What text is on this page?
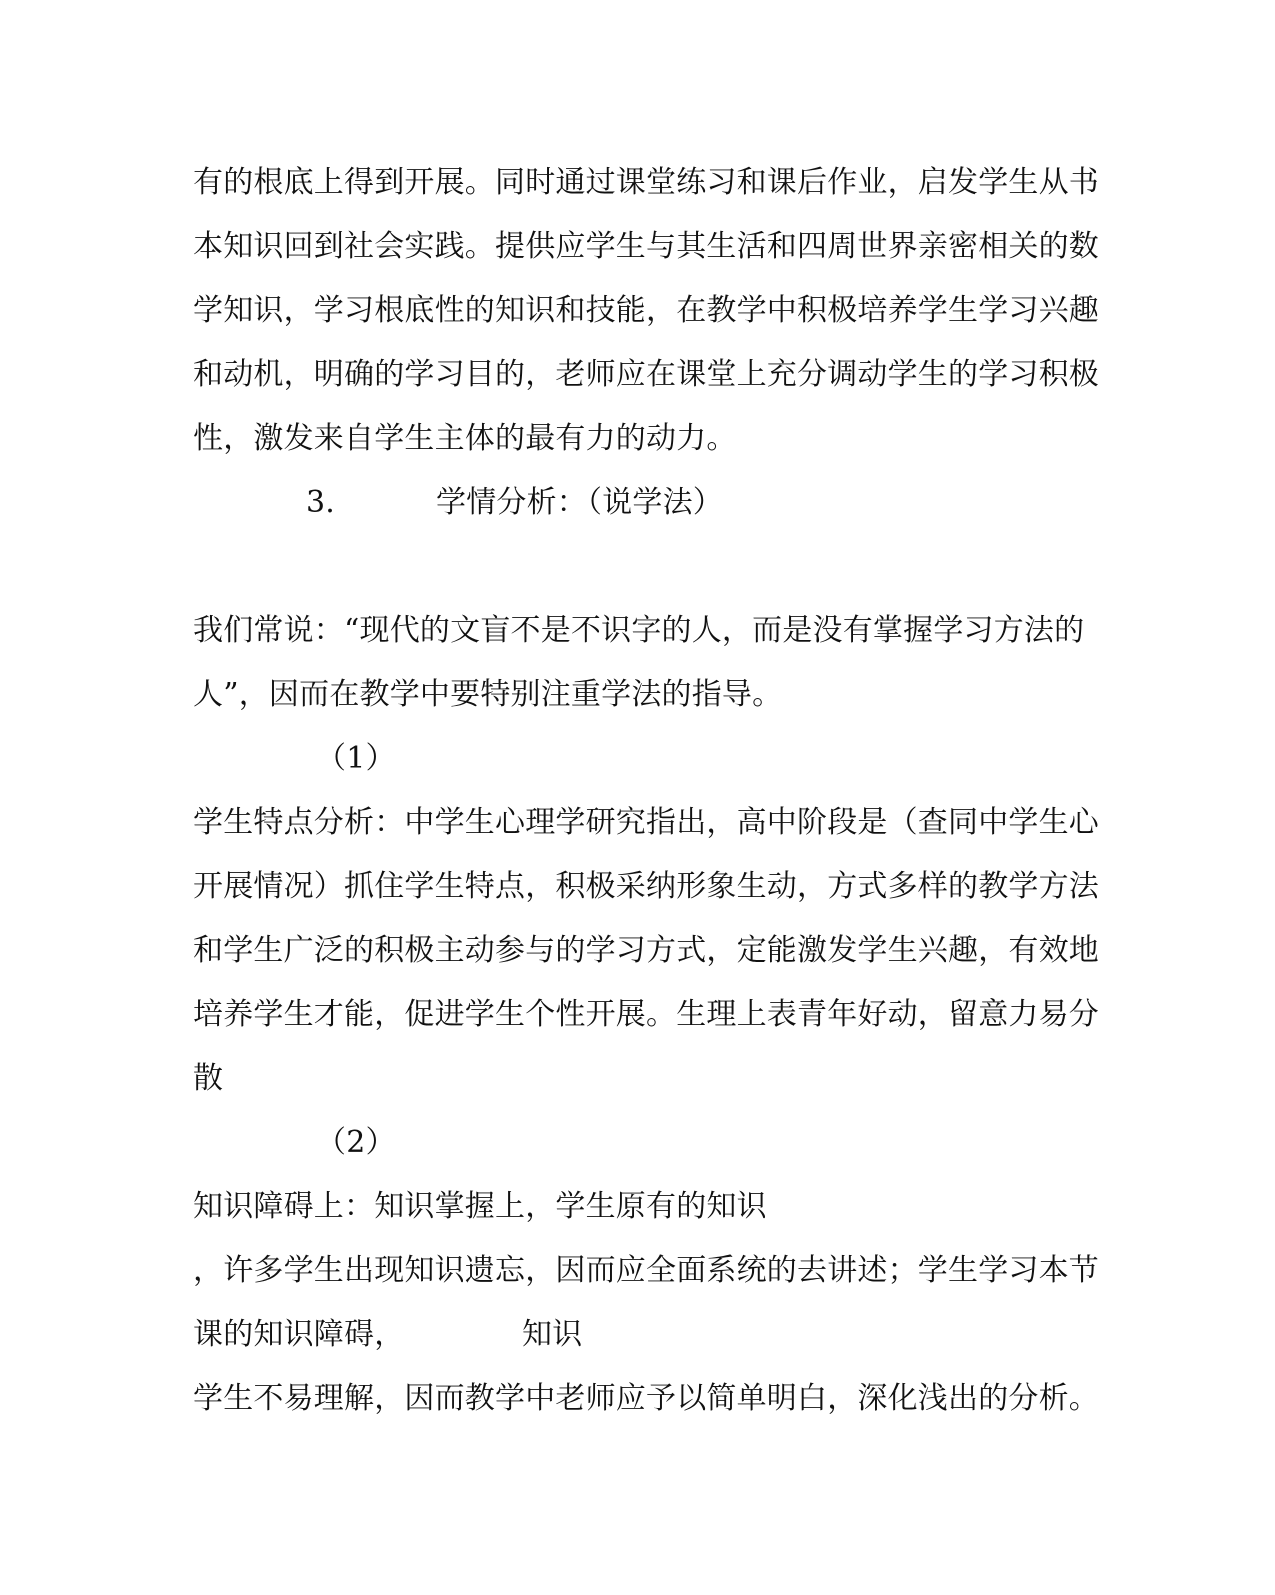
有的根底上得到开展。同时通过课堂练习和课后作业，启发学生从书
本知识回到社会实践。提供应学生与其生活和四周世界亲密相关的数
学知识，学习根底性的知识和技能，在教学中积极培养学生学习兴趣
和动机，明确的学习目的，老师应在课堂上充分调动学生的学习积极
性，激发来自学生主体的最有力的动力。
3.	学情分析：（说学法）
我们常说：“现代的文盲不是不识字的人，而是没有掌握学习方法的
人”，因而在教学中要特别注重学法的指导。
（1）
学生特点分析：中学生心理学研究指出，高中阶段是（查同中学生心
开展情况）抓住学生特点，积极采纳形象生动，方式多样的教学方法
和学生广泛的积极主动参与的学习方式，定能激发学生兴趣，有效地
培养学生才能，促进学生个性开展。生理上表青年好动，留意力易分
散
（2）
知识障碍上：知识掌握上，学生原有的知识
，许多学生出现知识遗忘，因而应全面系统的去讲述；学生学习本节
课的知识障碍，	知识
学生不易理解，因而教学中老师应予以简单明白，深化浅出的分析。
